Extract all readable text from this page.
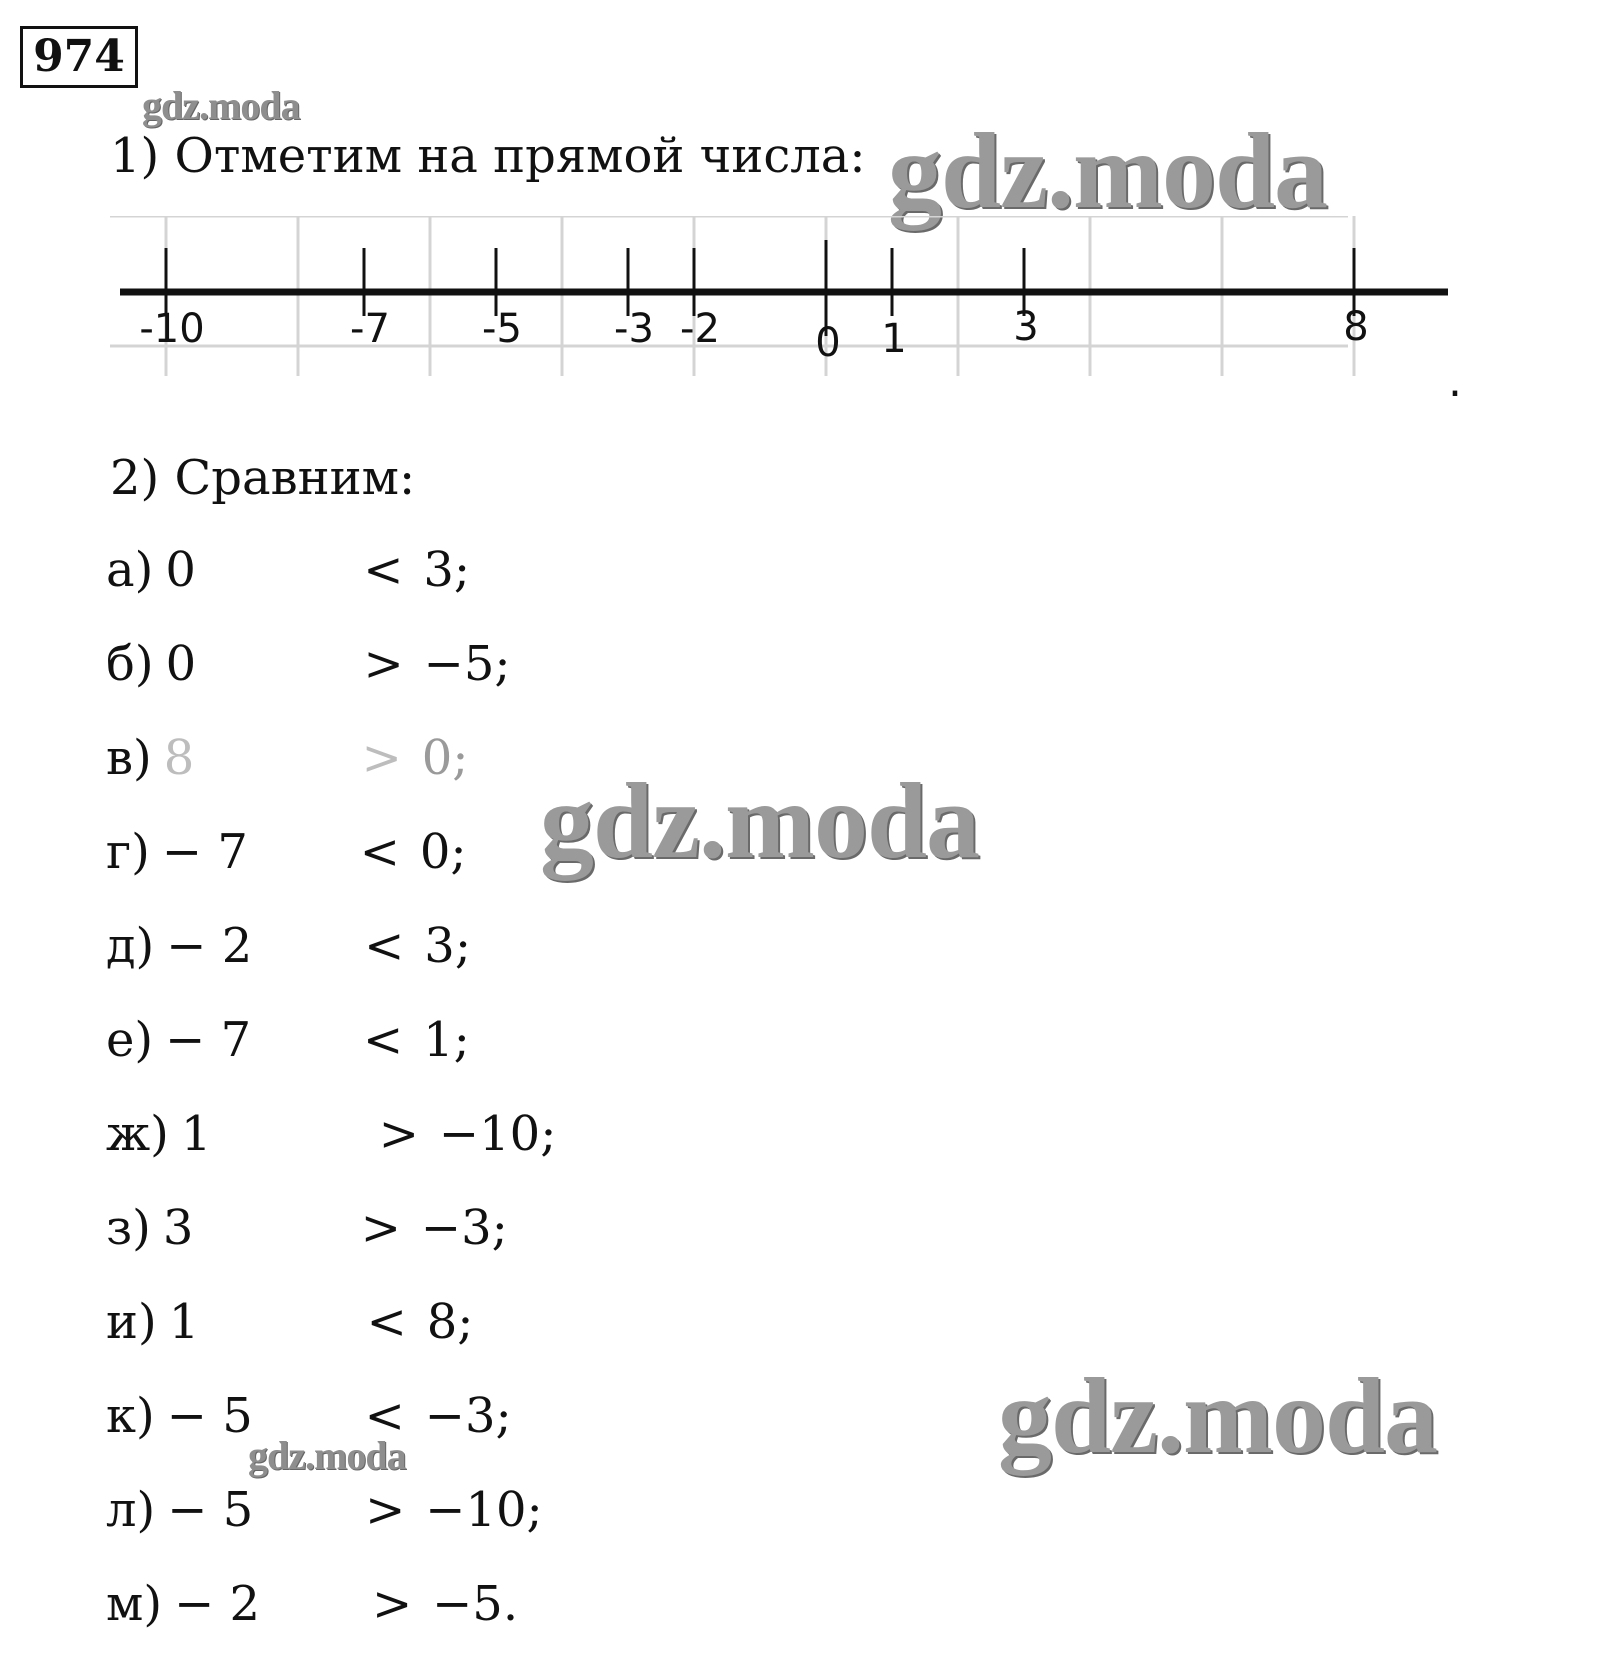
974
gdz.moda
gdz.moda
gdz.moda
gdz.moda
gdz.moda
1) Отметим на прямой числа:
-10	-7 -5 -3 -2 0 1	3	8
.
2) Сравним:
а) 0	< 3;
б) 0	> −5;
в) 8	> 0;
г) − 7 < 0;
д) − 2 < 3;
е) − 7 < 1;
ж) 1	> −10;
з) 3	> −3;
и) 1	< 8;
к) − 5 < −3;
л) − 5 > −10;
м) − 2 > −5.
